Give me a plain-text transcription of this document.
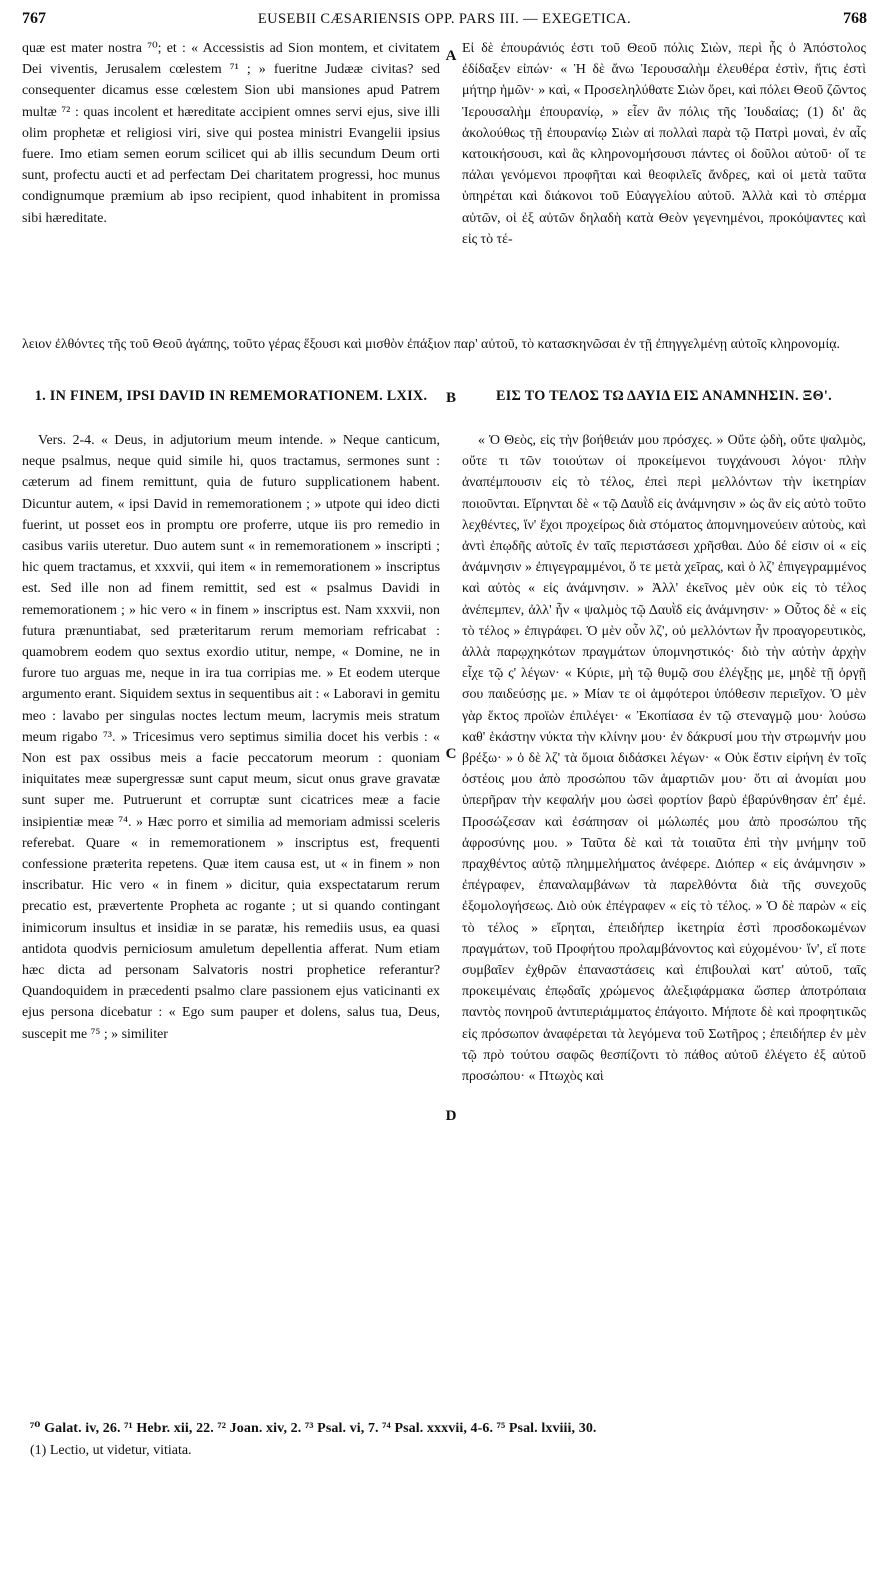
767	EUSEBII CÆSARIENSIS OPP. PARS III. — EXEGETICA.	768

quæ est mater nostra ⁷⁰; et : « Accessistis ad Sion montem, et civitatem Dei viventis, Jerusalem cœlestem ⁷¹ ; » fueritne Judææ civitas? sed consequenter dicamus esse cœlestem Sion ubi mansiones apud Patrem multæ ⁷² : quas incolent et hæreditate accipient omnes servi ejus, sive illi olim prophetæ et religiosi viri, sive qui postea ministri Evangelii ipsius fuere. Imo etiam semen eorum scilicet qui ab illis secundum Deum orti sunt, profectu aucti et ad perfectam Dei charitatem progressi, hoc munus condignumque præmium ab ipso recipient, quod inhabitent in promissa sibi hæreditate.

Εἰ δὲ ἐπουράνιός ἐστι τοῦ Θεοῦ πόλις Σιὼν, περὶ ἧς ὁ Ἀπόστολος ἐδίδαξεν εἰπών· « Ἡ δὲ ἄνω Ἱερουσαλὴμ ἐλευθέρα ἐστὶν, ἥτις ἐστὶ μήτηρ ἡμῶν· » καὶ, « Προσεληλύθατε Σιὼν ὄρει, καὶ πόλει Θεοῦ ζῶντος Ἱερουσαλὴμ ἐπουρανίῳ, » εἶεν ἂν πόλις τῆς Ἰουδαίας; (1) δι' ἃς ἀκολούθως τῇ ἐπουρανίῳ Σιὼν αἱ πολλαὶ παρὰ τῷ Πατρὶ μοναὶ, ἐν αἷς κατοικήσουσι, καὶ ἃς κληρονομήσουσι πάντες οἱ δοῦλοι αὐτοῦ· οἵ τε πάλαι γενόμενοι προφῆται καὶ θεοφιλεῖς ἄνδρες, καὶ οἱ μετὰ ταῦτα ὑπηρέται καὶ διάκονοι τοῦ Εὐαγγελίου αὐτοῦ. Ἀλλὰ καὶ τὸ σπέρμα αὐτῶν, οἱ ἐξ αὐτῶν δηλαδὴ κατὰ Θεὸν γεγενημένοι, προκόψαντες καὶ εἰς τὸ τέ-

λειον ἐλθόντες τῆς τοῦ Θεοῦ ἀγάπης, τοῦτο γέρας ἕξουσι καὶ μισθὸν ἐπάξιον παρ' αὐτοῦ, τὸ κατασκηνῶσαι ἐν τῇ ἐπηγγελμένῃ αὐτοῖς κληρονομίᾳ.

1. IN FINEM, IPSI DAVID IN REMEMORATIONEM. LXIX.	ΕΙΣ ΤΟ ΤΕΛΟΣ ΤΩ ΔΑΥΙΔ ΕΙΣ ΑΝΑΜΝΗΣΙΝ. ΞΘ'.

Vers. 2-4. « Deus, in adjutorium meum intende. » Neque canticum, neque psalmus, neque quid simile hi, quos tractamus, sermones sunt : cæterum ad finem remittunt, quia de futuro supplicationem habent. Dicuntur autem, « ipsi David in rememorationem ; » utpote qui ideo dicti fuerint, ut posset eos in promptu ore proferre, utque iis pro remedio in casibus variis uteretur. Duo autem sunt « in rememorationem » inscripti ; hic quem tractamus, et xxxvii, qui item « in rememorationem » inscriptus est. Sed ille non ad finem remittit, sed est « psalmus Davidi in rememorationem ; » hic vero « in finem » inscriptus est. Nam xxxvii, non futura prænuntiabat, sed præteritarum rerum memoriam refricabat : quamobrem eodem quo sextus exordio utitur, nempe, « Domine, ne in furore tuo arguas me, neque in ira tua corripias me. » Et eodem uterque argumento erant. Siquidem sextus in sequentibus ait : « Laboravi in gemitu meo : lavabo per singulas noctes lectum meum, lacrymis meis stratum meum rigabo ⁷³. » Tricesimus vero septimus similia docet his verbis : « Non est pax ossibus meis a facie peccatorum meorum : quoniam iniquitates meæ supergressæ sunt caput meum, sicut onus grave gravatæ sunt super me. Putruerunt et corruptæ sunt cicatrices meæ a facie insipientiæ meæ ⁷⁴. » Hæc porro et similia ad memoriam admissi sceleris referebat. Quare « in rememorationem » inscriptus est, frequenti confessione præterita repetens. Quæ item causa est, ut « in finem » non inscribatur. Hic vero « in finem » dicitur, quia exspectatarum rerum precatio est, prævertente Propheta ac rogante ; ut si quando contingant inimicorum insultus et insidiæ in se paratæ, his remediis usus, ea quasi antidota quodvis perniciosum amuletum depellentia afferat. Num etiam hæc dicta ad personam Salvatoris nostri prophetice referantur? Quandoquidem in præcedenti psalmo clare passionem ejus vaticinanti ex ejus persona dicebatur : « Ego sum pauper et dolens, salus tua, Deus, suscepit me ⁷⁵ ; » similiter

« Ὁ Θεὸς, εἰς τὴν βοήθειάν μου πρόσχες. » Οὔτε ᾠδὴ, οὔτε ψαλμὸς, οὔτε τι τῶν τοιούτων οἱ προκείμενοι τυγχάνουσι λόγοι· πλὴν ἀναπέμπουσιν εἰς τὸ τέλος, ἐπεὶ περὶ μελλόντων τὴν ἱκετηρίαν ποιοῦνται. Εἴρηνται δὲ « τῷ Δαυῒδ εἰς ἀνάμνησιν » ὡς ἂν εἰς αὐτὸ τοῦτο λεχθέντες, ἵν' ἔχοι προχείρως διὰ στόματος ἀπομνημονεύειν αὐτοὺς, καὶ ἀντὶ ἐπῳδῆς αὐτοῖς ἐν ταῖς περιστάσεσι χρῆσθαι. Δύο δέ εἰσιν οἱ « εἰς ἀνάμνησιν » ἐπιγεγραμμένοι, ὅ τε μετὰ χεῖρας, καὶ ὁ λζ' ἐπιγεγραμμένος καὶ αὐτὸς « εἰς ἀνάμνησιν. » Ἀλλ' ἐκεῖνος μὲν οὐκ εἰς τὸ τέλος ἀνέπεμπεν, ἀλλ' ἦν « ψαλμὸς τῷ Δαυῒδ εἰς ἀνάμνησιν· » Οὗτος δὲ « εἰς τὸ τέλος » ἐπιγράφει. Ὁ μὲν οὖν λζ', οὐ μελλόντων ἦν προαγορευτικὸς, ἀλλὰ παρῳχηκότων πραγμάτων ὑπομνηστικός· διὸ τὴν αὐτὴν ἀρχὴν εἶχε τῷ ς' λέγων· « Κύριε, μὴ τῷ θυμῷ σου ἐλέγξῃς με, μηδὲ τῇ ὀργῇ σου παιδεύσῃς με. » Μίαν τε οἱ ἀμφότεροι ὑπόθεσιν περιεῖχον. Ὁ μὲν γὰρ ἕκτος προϊὼν ἐπιλέγει· « Ἐκοπίασα ἐν τῷ στεναγμῷ μου· λούσω καθ' ἑκάστην νύκτα τὴν κλίνην μου· ἐν δάκρυσί μου τὴν στρωμνήν μου βρέξω· » ὁ δὲ λζ' τὰ ὅμοια διδάσκει λέγων· « Οὐκ ἔστιν εἰρήνη ἐν τοῖς ὀστέοις μου ἀπὸ προσώπου τῶν ἁμαρτιῶν μου· ὅτι αἱ ἀνομίαι μου ὑπερῆραν τὴν κεφαλήν μου ὡσεὶ φορτίον βαρὺ ἐβαρύνθησαν ἐπ' ἐμέ. Προσώζεσαν καὶ ἐσάπησαν οἱ μώλωπές μου ἀπὸ προσώπου τῆς ἀφροσύνης μου. » Ταῦτα δὲ καὶ τὰ τοιαῦτα ἐπὶ τὴν μνήμην τοῦ πραχθέντος αὐτῷ πλημμελήματος ἀνέφερε. Διόπερ « εἰς ἀνάμνησιν » ἐπέγραφεν, ἐπαναλαμβάνων τὰ παρελθόντα διὰ τῆς συνεχοῦς ἐξομολογήσεως. Διὸ οὐκ ἐπέγραφεν « εἰς τὸ τέλος. » Ὁ δὲ παρὼν « εἰς τὸ τέλος » εἴρηται, ἐπειδήπερ ἱκετηρία ἐστὶ προσδοκωμένων πραγμάτων, τοῦ Προφήτου προλαμβάνοντος καὶ εὐχομένου· ἵν', εἴ ποτε συμβαῖεν ἐχθρῶν ἐπαναστάσεις καὶ ἐπιβουλαὶ κατ' αὐτοῦ, ταῖς προκειμέναις ἐπῳδαῖς χρώμενος ἀλεξιφάρμακα ὥσπερ ἀποτρόπαια παντὸς πονηροῦ ἀντιπεριάμματος ἐπάγοιτο. Μήποτε δὲ καὶ προφητικῶς εἰς πρόσωπον ἀναφέρεται τὰ λεγόμενα τοῦ Σωτῆρος ; ἐπειδήπερ ἐν μὲν τῷ πρὸ τούτου σαφῶς θεσπίζοντι τὸ πάθος αὐτοῦ ἐλέγετο ἐξ αὐτοῦ προσώπου· « Πτωχὸς καὶ

A
B
C
D

⁷⁰ Galat. iv, 26. ⁷¹ Hebr. xii, 22. ⁷² Joan. xiv, 2. ⁷³ Psal. vi, 7. ⁷⁴ Psal. xxxvii, 4-6. ⁷⁵ Psal. lxviii, 30.

(1) Lectio, ut videtur, vitiata.
